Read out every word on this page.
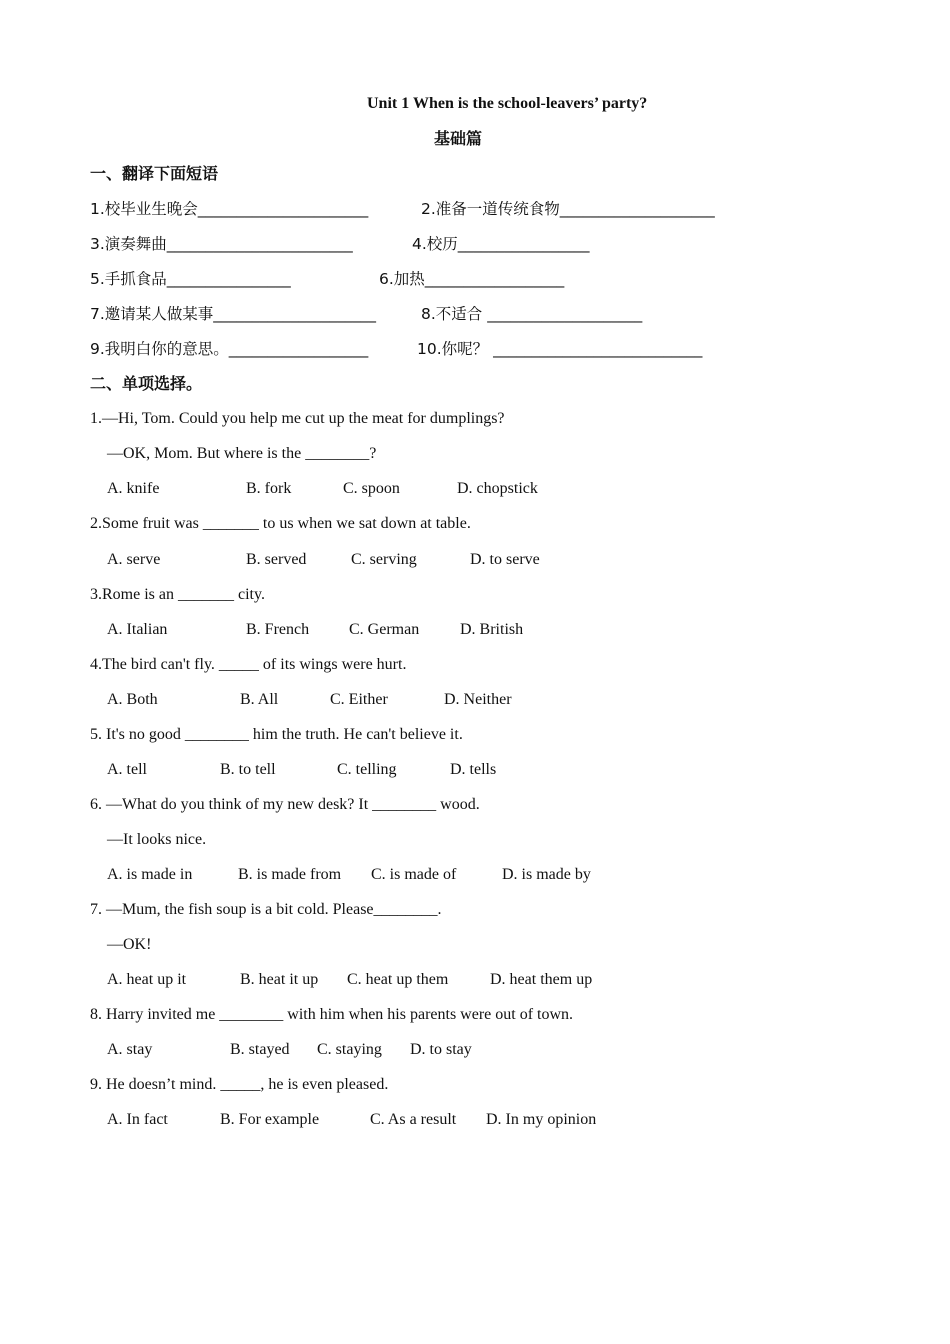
Unit 1 When is the school-leavers’ party?
基础篇
一、翻译下面短语
1.校毕业生晚会______________________	2.准备一道传统食物____________________
3.演奏舞曲________________________	4.校历_________________
5.手抓食品________________	6.加热__________________
7.邀请某人做某事_____________________	8.不适合 ____________________
9.我明白你的意思。__________________	10.你呢？ ___________________________
二、单项选择。
1.—Hi, Tom. Could you help me cut up the meat for dumplings?
—OK, Mom. But where is the ________?
A. knife	B. fork	C. spoon	D. chopstick
2.Some fruit was _______ to us when we sat down at table.
A. serve	B. served	C. serving	D. to serve
3.Rome is an _______ city.
A. Italian	B. French C. German	D. British
4.The bird can't fly. _____ of its wings were hurt.
A. Both	B. All	C. Either	D. Neither
5. It's no good ________ him the truth. He can't believe it.
A. tell	B. to tell	C. telling	D. tells
6. —What do you think of my new desk? It ________ wood.
—It looks nice.
A. is made in	B. is made from C. is made of	D. is made by
7. —Mum, the fish soup is a bit cold. Please________.
—OK!
A. heat up it	B. heat it up C. heat up them	D. heat them up
8. Harry invited me ________ with him when his parents were out of town.
A. stay	B. stayed C. staying D. to stay
9. He doesn’t mind. _____, he is even pleased.
A. In fact	B. For example	C. As a result D. In my opinion
